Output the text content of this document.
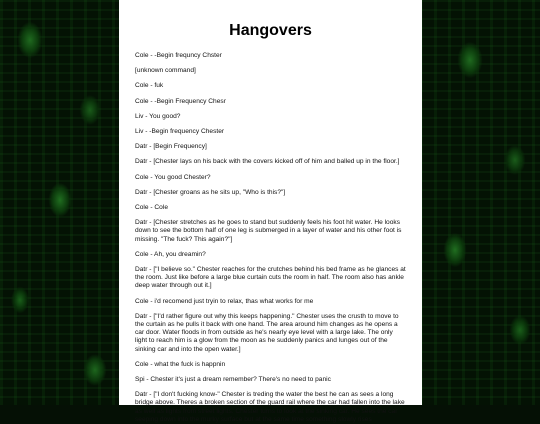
Hangovers

Cole - -Begin frequncy Chster

[unknown command]

Cole - fuk

Cole - -Begin Frequency Chesr

Liv - You good?

Liv - -Begin frequency Chester

Datr - [Begin Frequency]

Datr - [Chester lays on his back with the covers kicked off of him and balled up in the floor.]

Cole - You good Chester?

Datr - [Chester groans as he sits up, "Who is this?"]

Cole - Cole

Datr - [Chester stretches as he goes to stand but suddenly feels his foot hit water. He looks down to see the bottom half of one leg is submerged in a layer of water and his other foot is missing. "The fuck? This again?"]

Cole - Ah, you dreamin?

Datr - ["I believe so." Chester reaches for the crutches behind his bed frame as he glances at the room. Just like before a large blue curtain cuts the room in half. The room also has ankle deep water through out it.]

Cole - i'd recomend just tryin to relax, thas what works for me

Datr - ["I'd rather figure out why this keeps happening." Chester uses the crusth to move to the curtain as he pulls it back with one hand. The area around him changes as he opens a car door. Water floods in from outside as he's nearly eye level with a large lake. The only light to reach him is a glow from the moon as he suddenly panics and lunges out of the sinking car and into the open water.]

Cole - what the fuck is happnin

Spi - Chester it's just a dream remember? There's no need to panic

Datr - ["I don't fucking know-" Chester is treding the water the best he can as sees a long bridge above. Theres a broken section of the guard rail where the car had fallen into the lake as well as lights from street lights. Chester turns to look at the sinking car. He sees the car seeping down into the murky surface but at the same time something slowly rises
